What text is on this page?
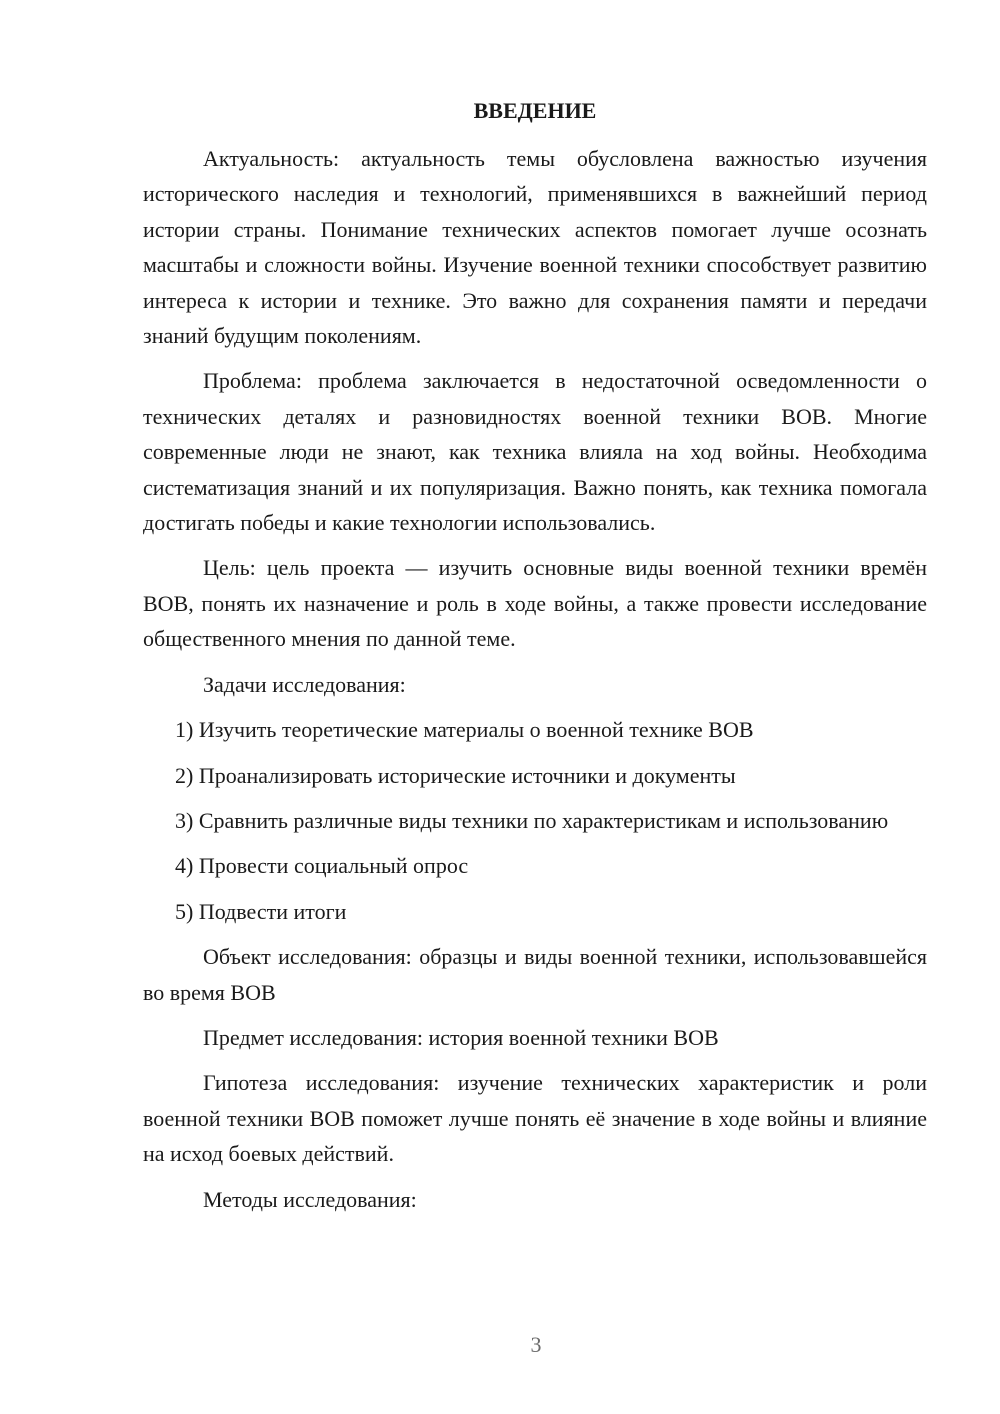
ВВЕДЕНИЕ

Актуальность: актуальность темы обусловлена важностью изучения исторического наследия и технологий, применявшихся в важнейший период истории страны. Понимание технических аспектов помогает лучше осознать масштабы и сложности войны. Изучение военной техники способствует развитию интереса к истории и технике. Это важно для сохранения памяти и передачи знаний будущим поколениям.

Проблема: проблема заключается в недостаточной осведомленности о технических деталях и разновидностях военной техники ВОВ. Многие современные люди не знают, как техника влияла на ход войны. Необходима систематизация знаний и их популяризация. Важно понять, как техника помогала достигать победы и какие технологии использовались.

Цель: цель проекта — изучить основные виды военной техники времён ВОВ, понять их назначение и роль в ходе войны, а также провести исследование общественного мнения по данной теме.

Задачи исследования:

1) Изучить теоретические материалы о военной технике ВОВ

2) Проанализировать исторические источники и документы

3) Сравнить различные виды техники по характеристикам и использованию

4) Провести социальный опрос

5) Подвести итоги

Объект исследования: образцы и виды военной техники, использовавшейся во время ВОВ

Предмет исследования: история военной техники ВОВ

Гипотеза исследования: изучение технических характеристик и роли военной техники ВОВ поможет лучше понять её значение в ходе войны и влияние на исход боевых действий.

Методы исследования:

3
